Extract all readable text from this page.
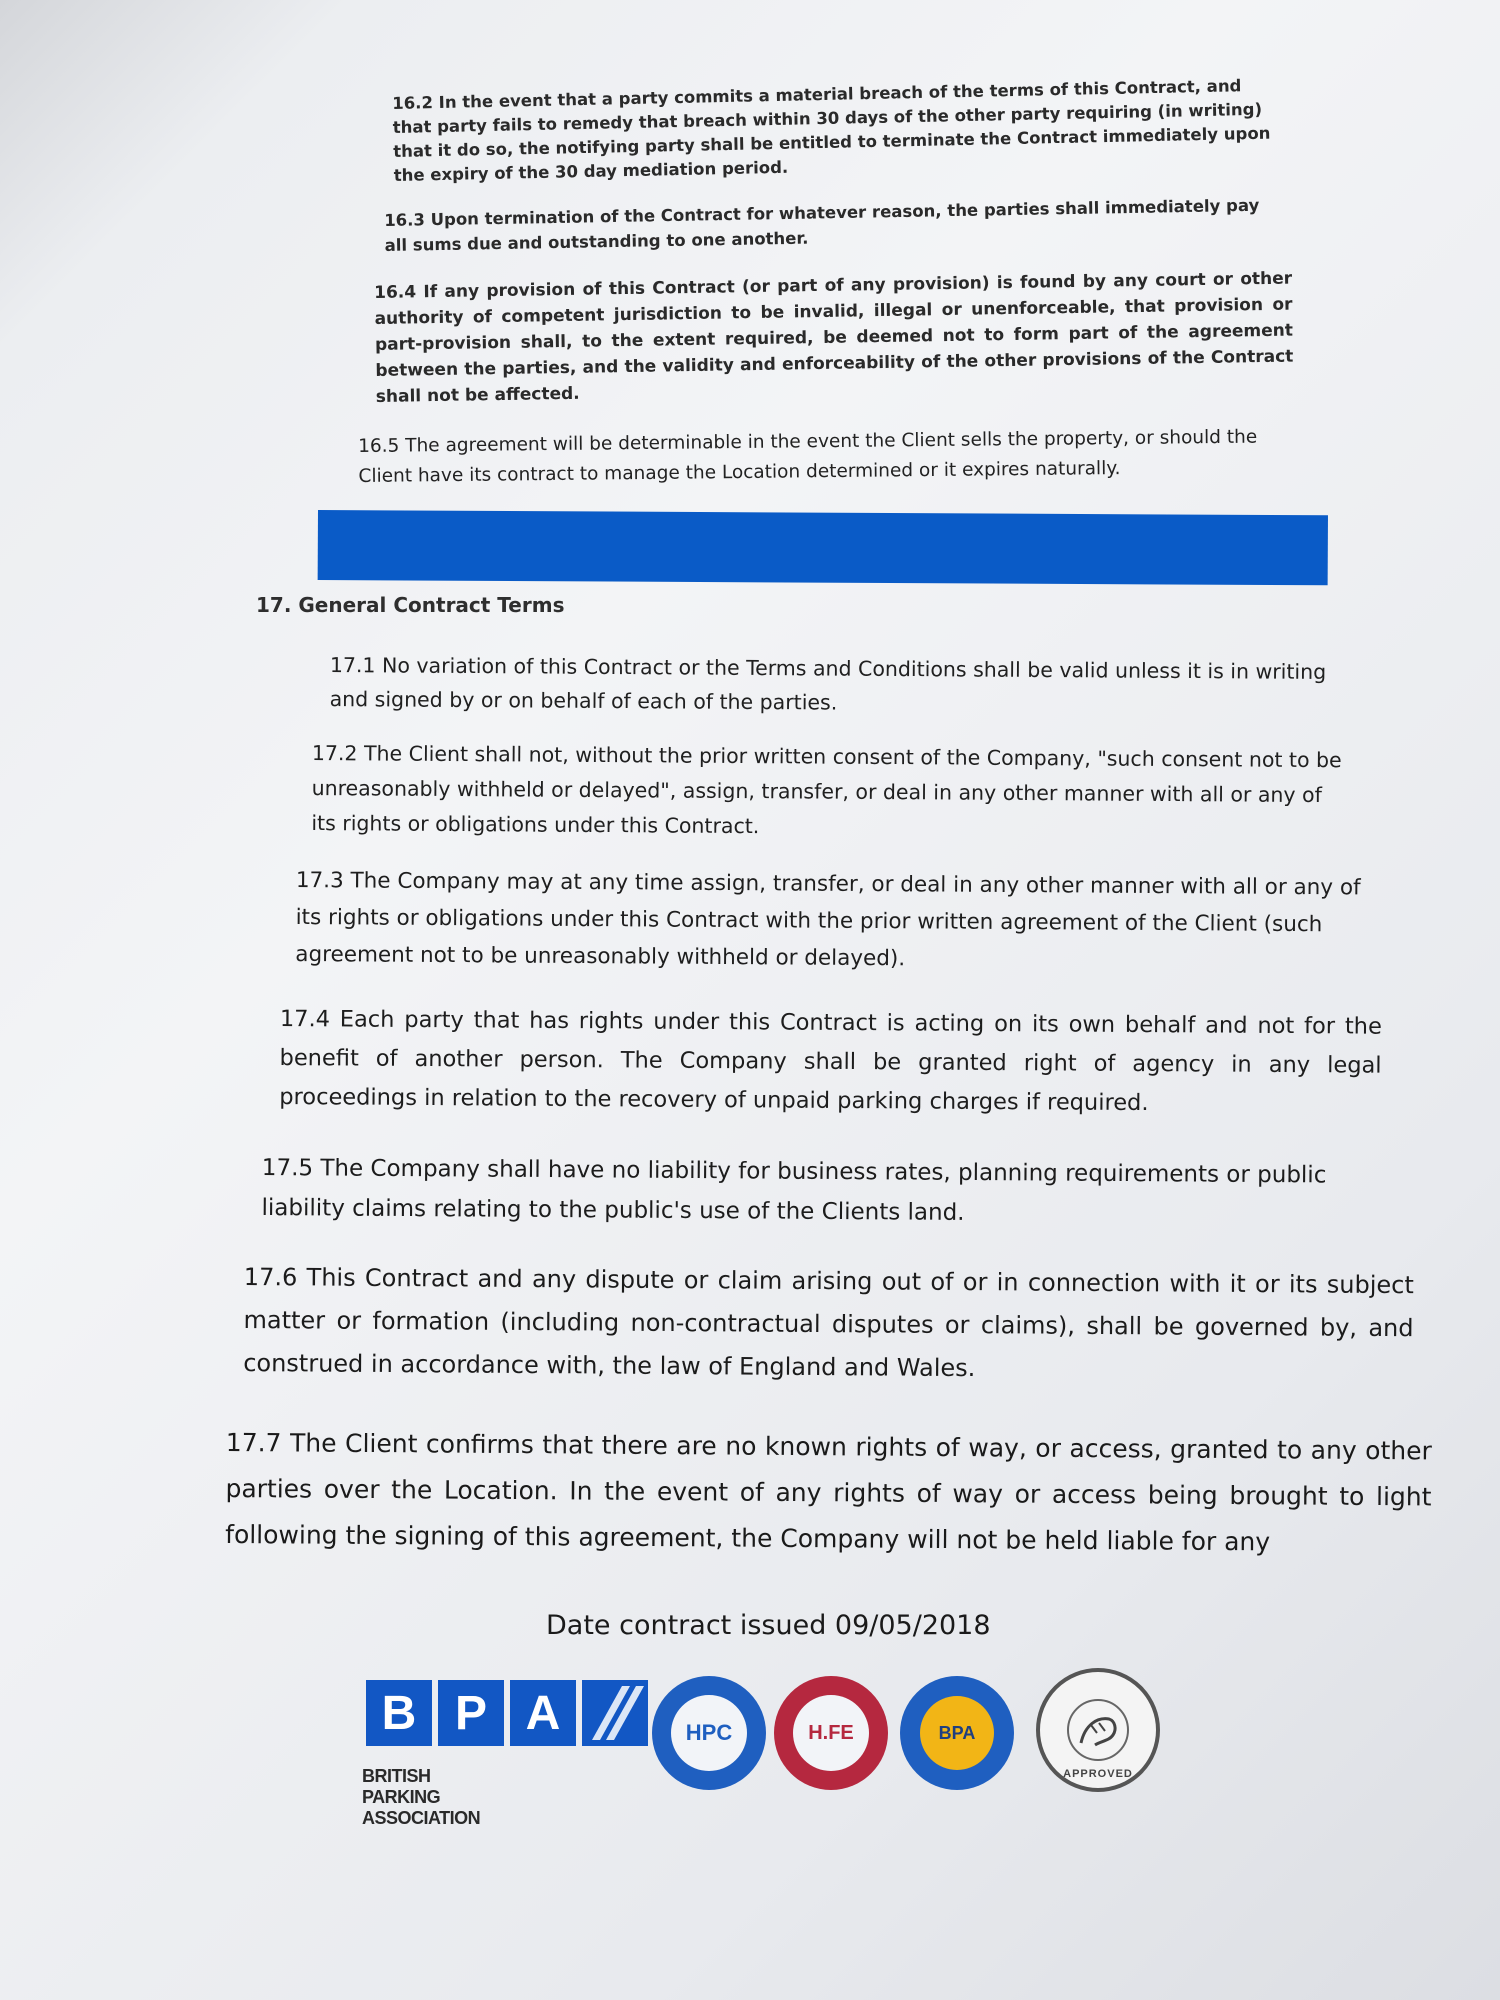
16.2 In the event that a party commits a material breach of the terms of this Contract, and that party fails to remedy that breach within 30 days of the other party requiring (in writing) that it do so, the notifying party shall be entitled to terminate the Contract immediately upon the expiry of the 30 day mediation period.

16.3 Upon termination of the Contract for whatever reason, the parties shall immediately pay all sums due and outstanding to one another.

16.4 If any provision of this Contract (or part of any provision) is found by any court or other authority of competent jurisdiction to be invalid, illegal or unenforceable, that provision or part-provision shall, to the extent required, be deemed not to form part of the agreement between the parties, and the validity and enforceability of the other provisions of the Contract shall not be affected.

16.5 The agreement will be determinable in the event the Client sells the property, or should the Client have its contract to manage the Location determined or it expires naturally.

17. General Contract Terms

17.1 No variation of this Contract or the Terms and Conditions shall be valid unless it is in writing and signed by or on behalf of each of the parties.

17.2 The Client shall not, without the prior written consent of the Company, "such consent not to be unreasonably withheld or delayed", assign, transfer, or deal in any other manner with all or any of its rights or obligations under this Contract.

17.3 The Company may at any time assign, transfer, or deal in any other manner with all or any of its rights or obligations under this Contract with the prior written agreement of the Client (such agreement not to be unreasonably withheld or delayed).

17.4 Each party that has rights under this Contract is acting on its own behalf and not for the benefit of another person. The Company shall be granted right of agency in any legal proceedings in relation to the recovery of unpaid parking charges if required.

17.5 The Company shall have no liability for business rates, planning requirements or public liability claims relating to the public's use of the Clients land.

17.6 This Contract and any dispute or claim arising out of or in connection with it or its subject matter or formation (including non-contractual disputes or claims), shall be governed by, and construed in accordance with, the law of England and Wales.

17.7 The Client confirms that there are no known rights of way, or access, granted to any other parties over the Location. In the event of any rights of way or access being brought to light following the signing of this agreement, the Company will not be held liable for any

Date contract issued 09/05/2018

B P A
BRITISH PARKING ASSOCIATION
HPC	H.FE	BPA
APPROVED
